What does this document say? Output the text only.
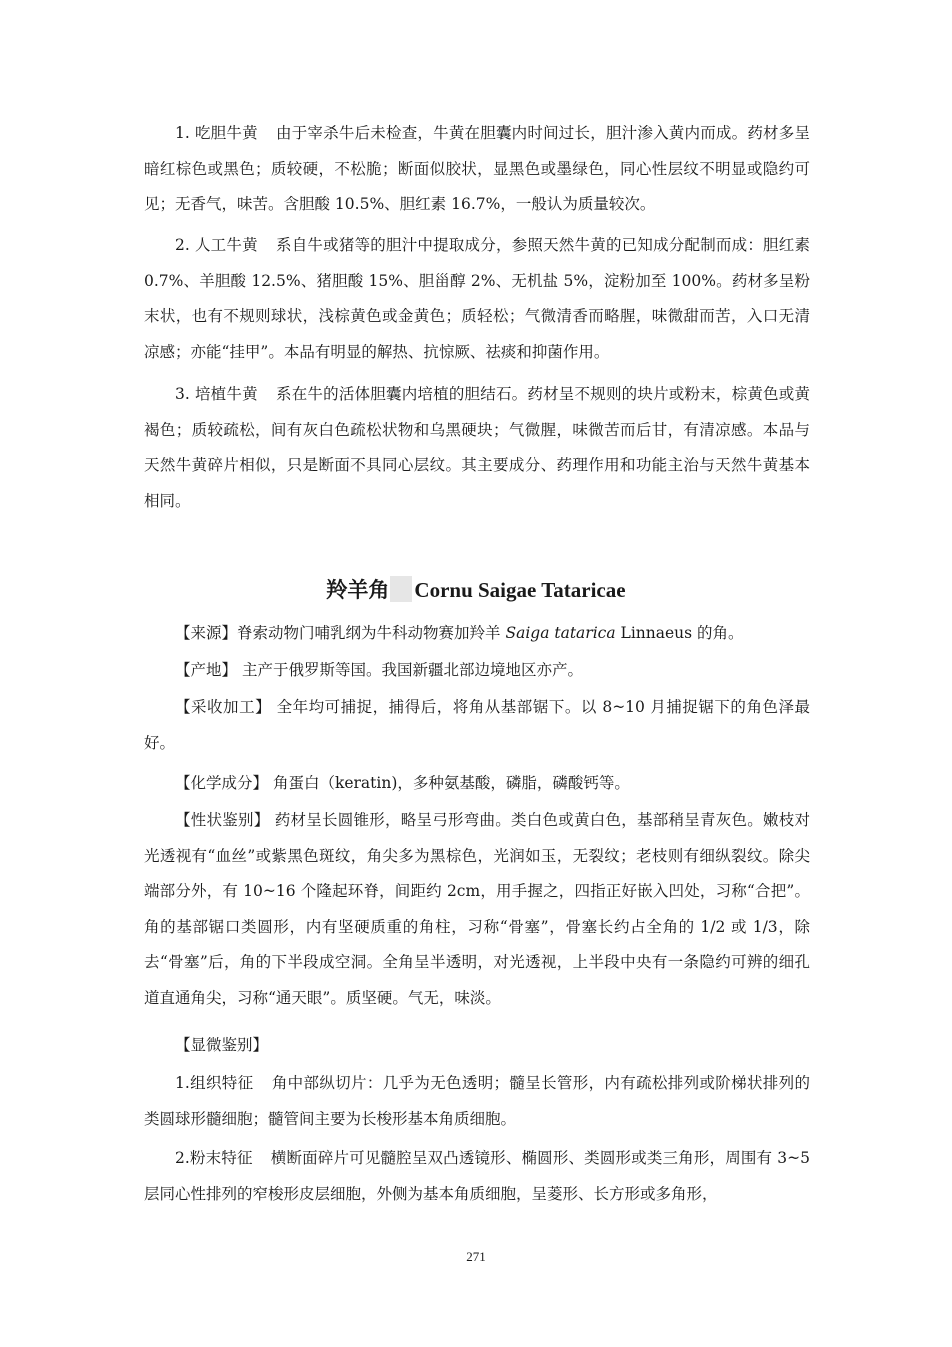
1. 吃胆牛黄 由于宰杀牛后未检查，牛黄在胆囊内时间过长，胆汁渗入黄内而成。药材多呈暗红棕色或黑色；质较硬，不松脆；断面似胶状，显黑色或墨绿色，同心性层纹不明显或隐约可见；无香气，味苦。含胆酸 10.5%、胆红素 16.7%，一般认为质量较次。

2. 人工牛黄 系自牛或猪等的胆汁中提取成分，参照天然牛黄的已知成分配制而成：胆红素 0.7%、羊胆酸 12.5%、猪胆酸 15%、胆甾醇 2%、无机盐 5%，淀粉加至 100%。药材多呈粉末状，也有不规则球状，浅棕黄色或金黄色；质轻松；气微清香而略腥，味微甜而苦，入口无清凉感；亦能“挂甲”。本品有明显的解热、抗惊厥、祛痰和抑菌作用。

3. 培植牛黄 系在牛的活体胆囊内培植的胆结石。药材呈不规则的块片或粉末，棕黄色或黄褐色；质较疏松，间有灰白色疏松状物和乌黑硬块；气微腥，味微苦而后甘，有清凉感。本品与天然牛黄碎片相似，只是断面不具同心层纹。其主要成分、药理作用和功能主治与天然牛黄基本相同。

羚羊角 Cornu Saigae Tataricae

【来源】脊索动物门哺乳纲为牛科动物赛加羚羊 Saiga tatarica Linnaeus 的角。

【产地】 主产于俄罗斯等国。我国新疆北部边境地区亦产。

【采收加工】 全年均可捕捉，捕得后，将角从基部锯下。以 8~10 月捕捉锯下的角色泽最好。

【化学成分】 角蛋白（keratin)，多种氨基酸，磷脂，磷酸钙等。

【性状鉴别】 药材呈长圆锥形，略呈弓形弯曲。类白色或黄白色，基部稍呈青灰色。嫩枝对光透视有“血丝”或紫黑色斑纹，角尖多为黑棕色，光润如玉，无裂纹；老枝则有细纵裂纹。除尖端部分外，有 10~16 个隆起环脊，间距约 2cm，用手握之，四指正好嵌入凹处，习称“合把”。角的基部锯口类圆形，内有坚硬质重的角柱，习称“骨塞”，骨塞长约占全角的 1/2 或 1/3，除去“骨塞”后，角的下半段成空洞。全角呈半透明，对光透视，上半段中央有一条隐约可辨的细孔道直通角尖，习称“通天眼”。质坚硬。气无，味淡。

【显微鉴别】

1.组织特征 角中部纵切片：几乎为无色透明；髓呈长管形，内有疏松排列或阶梯状排列的类圆球形髓细胞；髓管间主要为长梭形基本角质细胞。

2.粉末特征 横断面碎片可见髓腔呈双凸透镜形、椭圆形、类圆形或类三角形，周围有 3~5 层同心性排列的窄梭形皮层细胞，外侧为基本角质细胞，呈菱形、长方形或多角形，

271
